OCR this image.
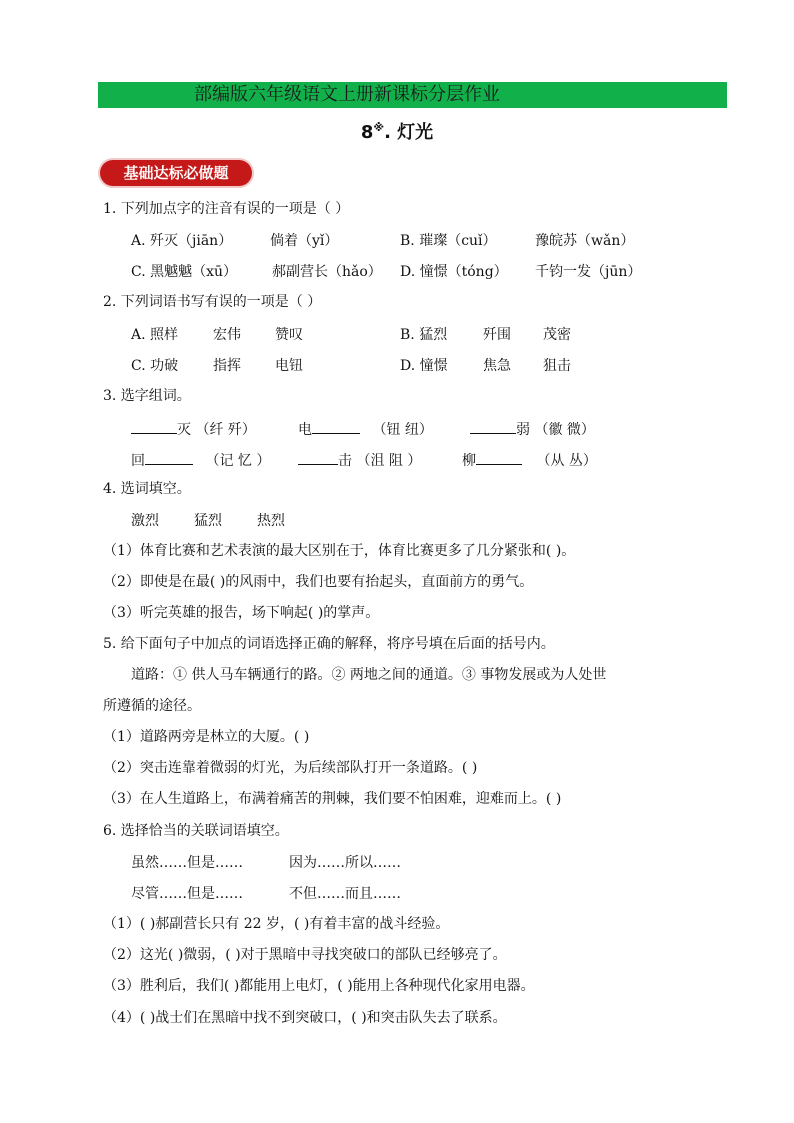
部编版六年级语文上册新课标分层作业
8※. 灯光
基础达标必做题
1. 下列加点字的注音有误的一项是（ ）
A. 歼灭（jiān）	倘着（yǐ）	B. 璀璨（cuǐ）	豫皖苏（wǎn）
C. 黑魆魆（xū） 郝副营长（hǎo） D. 憧憬（tóng） 千钧一发（jūn）
2. 下列词语书写有误的一项是（ ）
A. 照样 宏伟 赞叹	B. 猛烈	歼围 茂密
C. 功破 指挥 电钮	D. 憧憬	焦急 狙击
3. 选字组词。
灭 （纤 歼）	电	（钮 纽）	弱 （徽 微）
回	（记 忆 ）	击 （沮 阻 ）	柳	（从 丛）
4. 选词填空。
激烈	猛烈	热烈
（1）体育比赛和艺术表演的最大区别在于，体育比赛更多了几分紧张和( )。
（2）即使是在最( )的风雨中，我们也要有抬起头，直面前方的勇气。
（3）听完英雄的报告，场下响起( )的掌声。
5. 给下面句子中加点的词语选择正确的解释，将序号填在后面的括号内。
道路：① 供人马车辆通行的路。② 两地之间的通道。③ 事物发展或为人处世
所遵循的途径。
（1）道路两旁是林立的大厦。( )
（2）突击连靠着微弱的灯光，为后续部队打开一条道路。( )
（3）在人生道路上，布满着痛苦的荆棘，我们要不怕困难，迎难而上。( )
6. 选择恰当的关联词语填空。
虽然……但是……	因为……所以……
尽管……但是……	不但……而且……
（1）( )郝副营长只有 22 岁，( )有着丰富的战斗经验。
（2）这光( )微弱，( )对于黑暗中寻找突破口的部队已经够亮了。
（3）胜利后，我们( )都能用上电灯，( )能用上各种现代化家用电器。
（4）( )战士们在黑暗中找不到突破口，( )和突击队失去了联系。
